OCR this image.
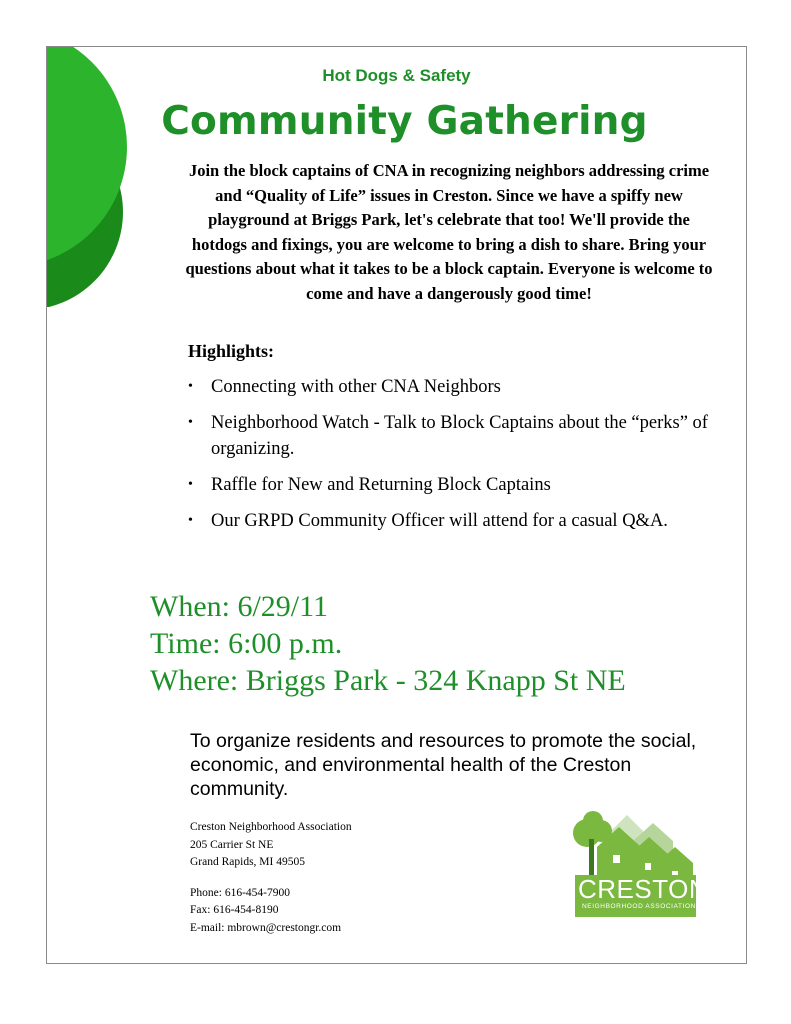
Hot Dogs & Safety
Community Gathering
Join the block captains of CNA in recognizing neighbors addressing crime and “Quality of Life” issues in Creston. Since we have a spiffy new playground at Briggs Park, let's celebrate that too! We'll provide the hotdogs and fixings, you are welcome to bring a dish to share. Bring your questions about what it takes to be a block captain. Everyone is welcome to come and have a dangerously good time!
Highlights:
• Connecting with other CNA Neighbors
• Neighborhood Watch - Talk to Block Captains about the “perks” of organizing.
• Raffle for New and Returning Block Captains
• Our GRPD Community Officer will attend for a casual Q&A.
When: 6/29/11
Time: 6:00 p.m.
Where: Briggs Park - 324 Knapp St NE
To organize residents and resources to promote the social, economic, and environmental health of the Creston community.
Creston Neighborhood Association
205 Carrier St NE
Grand Rapids, MI 49505
Phone: 616-454-7900
Fax: 616-454-8190
E-mail: mbrown@crestongr.com
CRESTON
NEIGHBORHOOD ASSOCIATION
